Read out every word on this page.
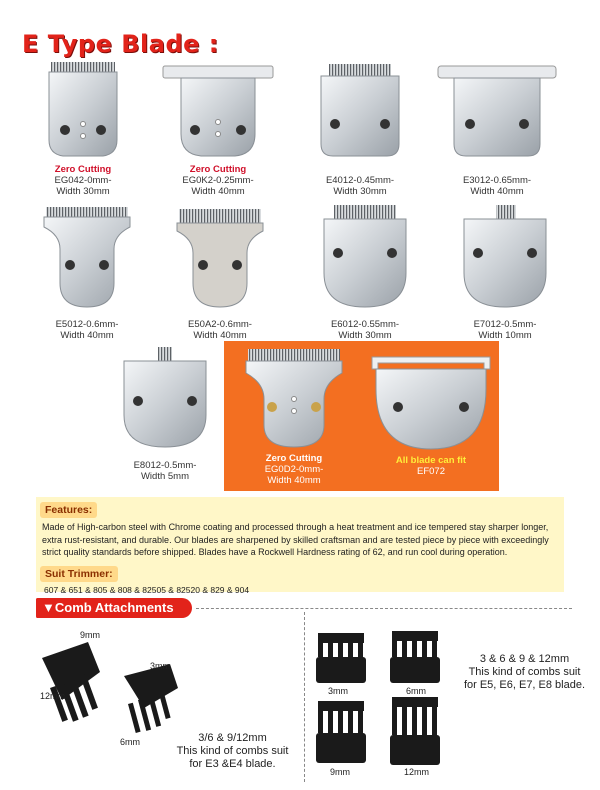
E Type Blade :
Zero Cutting
EG042-0mm-
Width 30mm
Zero Cutting
EG0K2-0.25mm-
Width 40mm
E4012-0.45mm-
Width 30mm
E3012-0.65mm-
Width 40mm
E5012-0.6mm-
Width 40mm
E50A2-0.6mm-
Width 40mm
E6012-0.55mm-
Width 30mm
E7012-0.5mm-
Width 10mm
E8012-0.5mm-
Width 5mm
Zero Cutting
EG0D2-0mm-
Width 40mm
All blade can fit
EF072
Features:
Made of High-carbon steel with Chrome coating and processed through a heat treatment and ice tempered stay sharper longer, extra rust-resistant, and durable. Our blades are sharpened by skilled craftsman and are tested piece by piece with exceedingly strict quality standards before shipped. Blades have a Rockwell Hardness rating of 62, and run cool during operation.
Suit Trimmer:
607 & 651 & 805 & 808 & 82505 & 82520 & 829 & 904
▼Comb Attachments
9mm
12mm
3mm
6mm	3/6 & 9/12mm
This kind of combs suit
for E3 &E4 blade.
3mm	6mm
9mm	12mm
3 & 6 & 9 & 12mm
This kind of combs suit
for E5, E6, E7, E8 blade.
